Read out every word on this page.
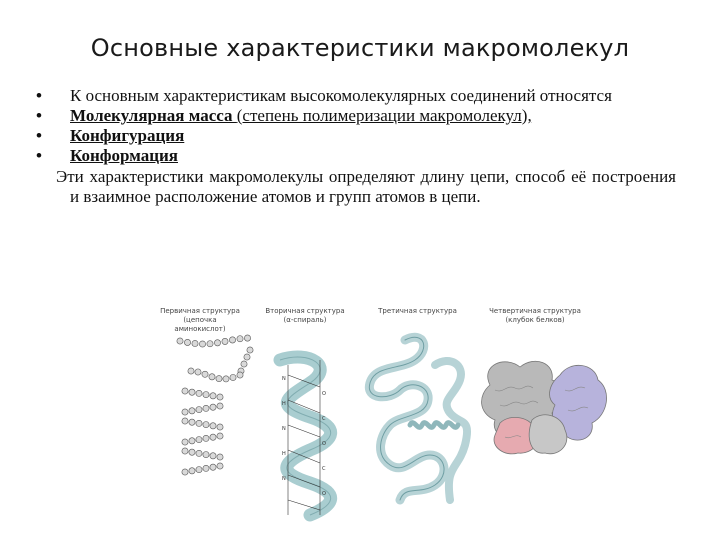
Основные характеристики макромолекул
• К основным характеристикам высокомолекулярных соединений относятся
• Молекулярная масса (степень полимеризации макромолекул),
• Конфигурация
• Конформация
Эти характеристики макромолекулы определяют длину цепи, способ её построения и взаимное расположение атомов и групп атомов в цепи.
Первичная структура
(цепочка аминокислот)
Вторичная структура
(α-спираль)
Третичная структура	Четвертичная структура
(клубок белков)
N
O
H
C
N
O
H
C
N
O
